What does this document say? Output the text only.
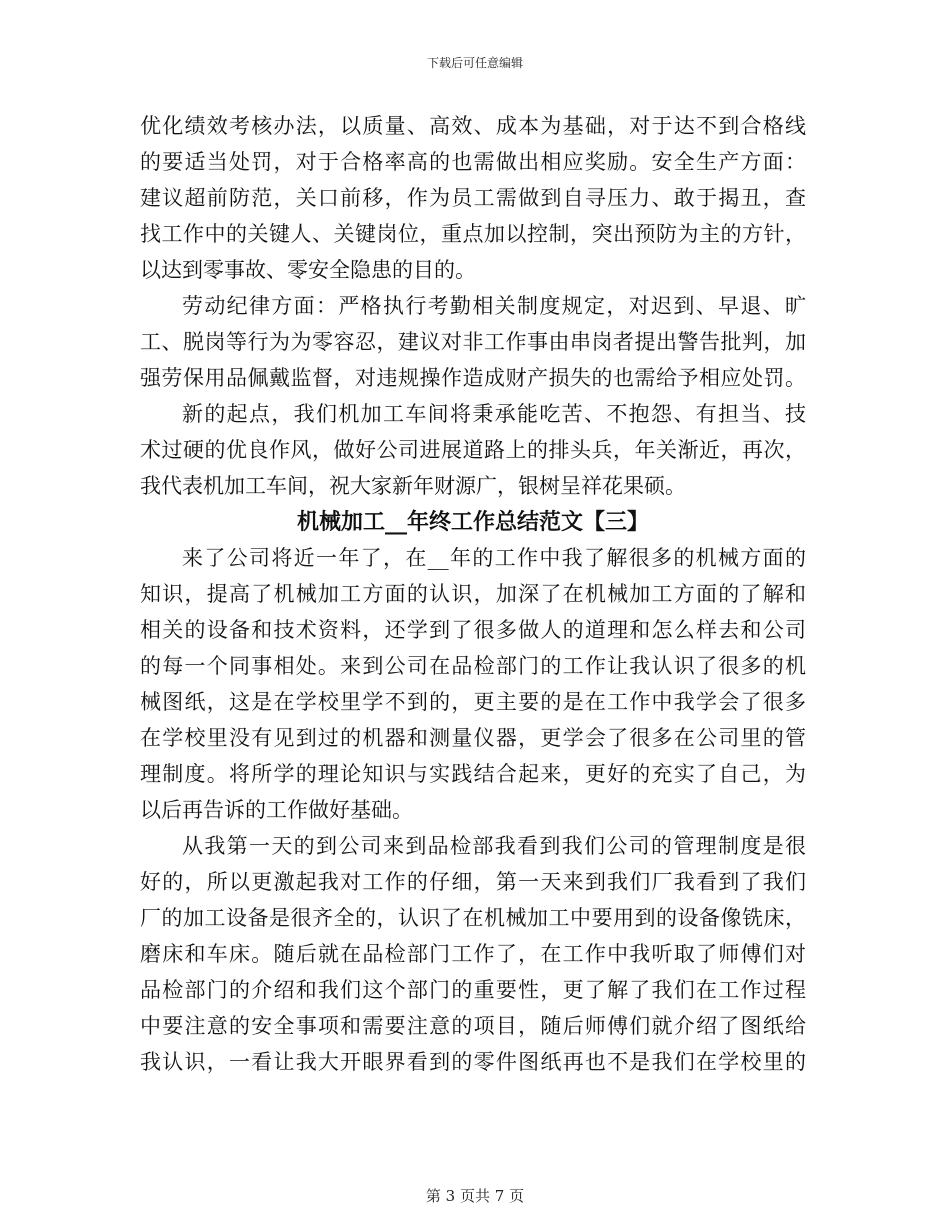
下载后可任意编辑
优化绩效考核办法，以质量、高效、成本为基础，对于达不到合格线
的要适当处罚，对于合格率高的也需做出相应奖励。安全生产方面：
建议超前防范，关口前移，作为员工需做到自寻压力、敢于揭丑，查
找工作中的关键人、关键岗位，重点加以控制，突出预防为主的方针，
以达到零事故、零安全隐患的目的。
劳动纪律方面：严格执行考勤相关制度规定，对迟到、早退、旷
工、脱岗等行为为零容忍，建议对非工作事由串岗者提出警告批判，加
强劳保用品佩戴监督，对违规操作造成财产损失的也需给予相应处罚。
新的起点，我们机加工车间将秉承能吃苦、不抱怨、有担当、技
术过硬的优良作风，做好公司进展道路上的排头兵，年关渐近，再次，
我代表机加工车间，祝大家新年财源广，银树呈祥花果硕。
机械加工__年终工作总结范文【三】
来了公司将近一年了，在__年的工作中我了解很多的机械方面的
知识，提高了机械加工方面的认识，加深了在机械加工方面的了解和
相关的设备和技术资料，还学到了很多做人的道理和怎么样去和公司
的每一个同事相处。来到公司在品检部门的工作让我认识了很多的机
械图纸，这是在学校里学不到的，更主要的是在工作中我学会了很多
在学校里没有见到过的机器和测量仪器，更学会了很多在公司里的管
理制度。将所学的理论知识与实践结合起来，更好的充实了自己，为
以后再告诉的工作做好基础。
从我第一天的到公司来到品检部我看到我们公司的管理制度是很
好的，所以更激起我对工作的仔细，第一天来到我们厂我看到了我们
厂的加工设备是很齐全的，认识了在机械加工中要用到的设备像铣床，
磨床和车床。随后就在品检部门工作了，在工作中我听取了师傅们对
品检部门的介绍和我们这个部门的重要性，更了解了我们在工作过程
中要注意的安全事项和需要注意的项目，随后师傅们就介绍了图纸给
我认识，一看让我大开眼界看到的零件图纸再也不是我们在学校里的
第 3 页共 7 页
